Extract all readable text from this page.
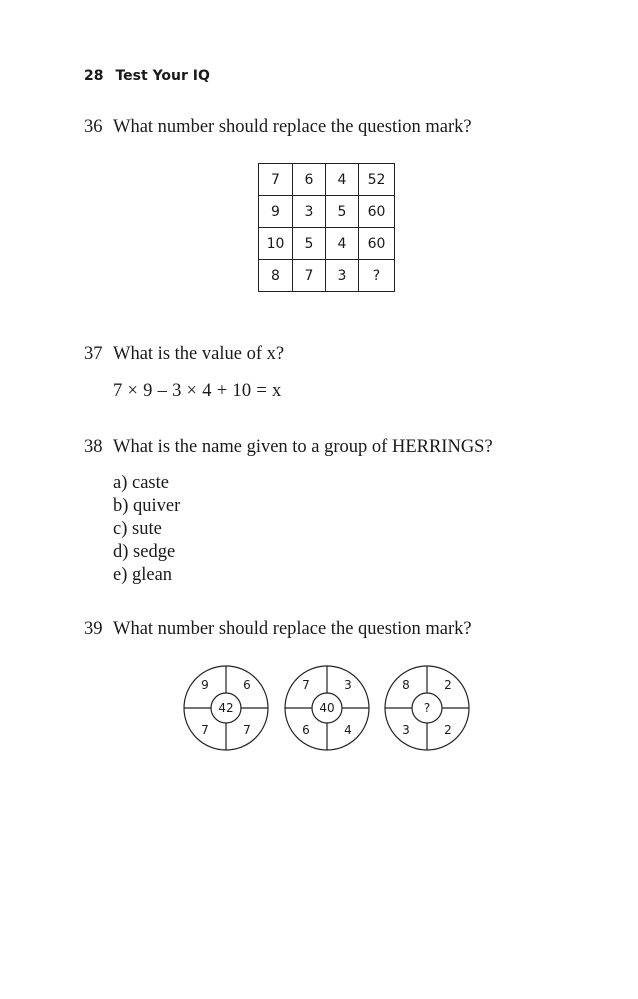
28 Test Your IQ
36 What number should replace the question mark?
7	6	4	52
9	3	5	60
10	5	4	60
8	7	3	?
37 What is the value of x?
7 × 9 – 3 × 4 + 10 = x
38 What is the name given to a group of HERRINGS?
a) caste
b) quiver
c) sute
d) sedge
e) glean
39 What number should replace the question mark?
9	6
42
7	7
7	3
40
6	4
8	2
?
3	2
